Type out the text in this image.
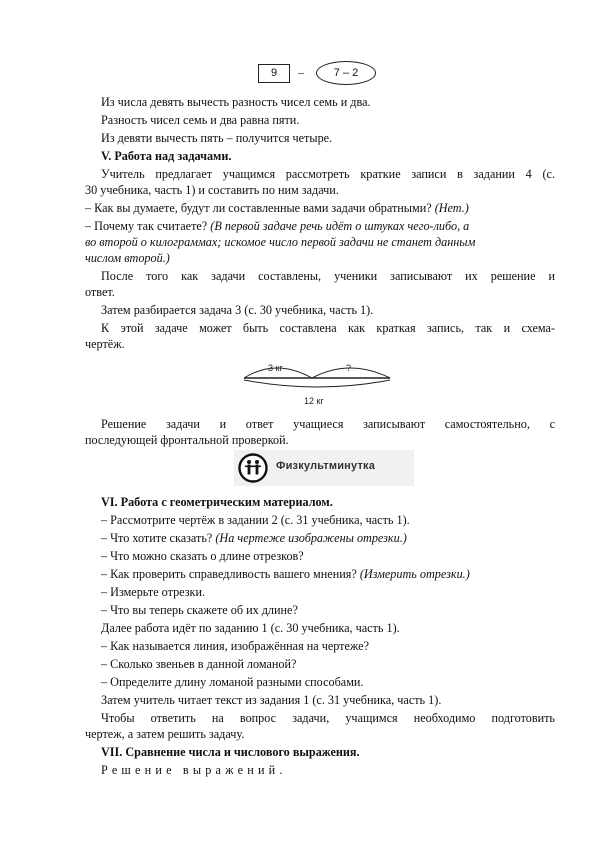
9	–	7 – 2
Из числа девять вычесть разность чисел семь и два.
Разность чисел семь и два равна пяти.
Из девяти вычесть пять – получится четыре.
V. Работа над задачами.
Учитель предлагает учащимся рассмотреть краткие записи в задании 4 (с.
30 учебника, часть 1) и составить по ним задачи.
– Как вы думаете, будут ли составленные вами задачи обратными? (Нет.)
– Почему так считаете? (В первой задаче речь идёт о штуках чего-либо, а
во второй о килограммах; искомое число первой задачи не станет данным
числом второй.)
После того как задачи составлены, ученики записывают их решение и
ответ.
Затем разбирается задача 3 (с. 30 учебника, часть 1).
К этой задаче может быть составлена как краткая запись, так и схема-
чертёж.
3 кг	?
12 кг
Решение задачи и ответ учащиеся записывают самостоятельно, с
последующей фронтальной проверкой.
Физкультминутка
VI. Работа с геометрическим материалом.
– Рассмотрите чертёж в задании 2 (с. 31 учебника, часть 1).
– Что хотите сказать? (На чертеже изображены отрезки.)
– Что можно сказать о длине отрезков?
– Как проверить справедливость вашего мнения? (Измерить отрезки.)
– Измерьте отрезки.
– Что вы теперь скажете об их длине?
Далее работа идёт по заданию 1 (с. 30 учебника, часть 1).
– Как называется линия, изображённая на чертеже?
– Сколько звеньев в данной ломаной?
– Определите длину ломаной разными способами.
Затем учитель читает текст из задания 1 (с. 31 учебника, часть 1).
Чтобы ответить на вопрос задачи, учащимся необходимо подготовить
чертеж, а затем решить задачу.
VII. Сравнение числа и числового выражения.
Решение выражений.
